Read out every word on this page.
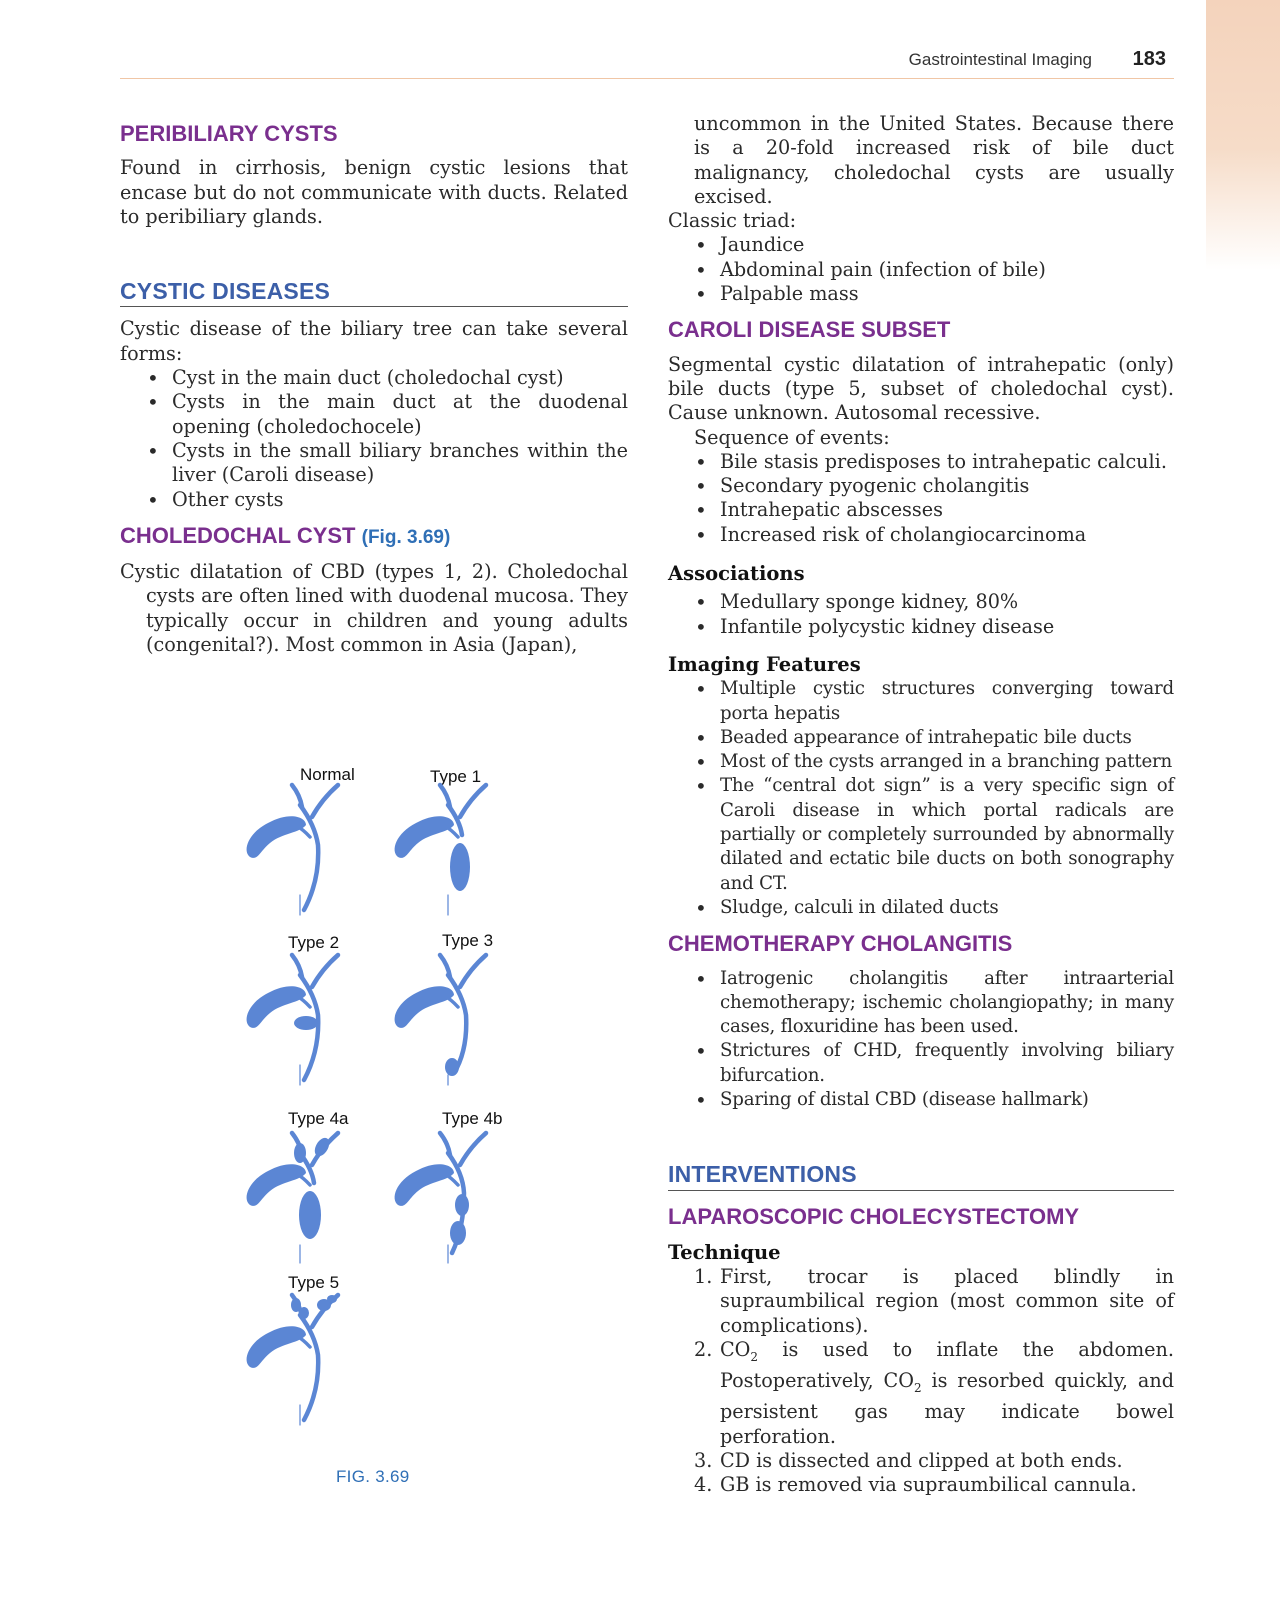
Gastrointestinal Imaging 183
PERIBILIARY CYSTS

Found in cirrhosis, benign cystic lesions that encase but do not communicate with ducts. Related to peribiliary glands.

CYSTIC DISEASES

Cystic disease of the biliary tree can take several forms:

• Cyst in the main duct (choledochal cyst)
• Cysts in the main duct at the duodenal opening (choledochocele)
• Cysts in the small biliary branches within the liver (Caroli disease)
• Other cysts
CHOLEDOCHAL CYST (Fig. 3.69)

Cystic dilatation of CBD (types 1, 2). Choledochal cysts are often lined with duodenal mucosa. They typically occur in children and young adults (congenital?). Most common in Asia (Japan),

Normal	Type 1
Type 2	Type 3
Type 4a	Type 4b
Type 5
FIG. 3.69

uncommon in the United States. Because there is a 20-fold increased risk of bile duct malignancy, choledochal cysts are usually excised.

Classic triad:

• Jaundice
• Abdominal pain (infection of bile)
• Palpable mass
CAROLI DISEASE SUBSET

Segmental cystic dilatation of intrahepatic (only) bile ducts (type 5, subset of choledochal cyst). Cause unknown. Autosomal recessive.

Sequence of events:

• Bile stasis predisposes to intrahepatic calculi.
• Secondary pyogenic cholangitis
• Intrahepatic abscesses
• Increased risk of cholangiocarcinoma
Associations
• Medullary sponge kidney, 80%
• Infantile polycystic kidney disease
Imaging Features
• Multiple cystic structures converging toward porta hepatis
• Beaded appearance of intrahepatic bile ducts
• Most of the cysts arranged in a branching pattern
• The “central dot sign” is a very specific sign of Caroli disease in which portal radicals are partially or completely surrounded by abnormally dilated and ectatic bile ducts on both sonography and CT.
• Sludge, calculi in dilated ducts
CHEMOTHERAPY CHOLANGITIS
• Iatrogenic cholangitis after intraarterial chemotherapy; ischemic cholangiopathy; in many cases, floxuridine has been used.
• Strictures of CHD, frequently involving biliary bifurcation.
• Sparing of distal CBD (disease hallmark)
INTERVENTIONS
LAPAROSCOPIC CHOLECYSTECTOMY
Technique
1. First, trocar is placed blindly in supraumbilical region (most common site of complications).
2. $CO_2$ is used to inflate the abdomen. Postoperatively, $CO_2$ is resorbed quickly, and persistent gas may indicate bowel perforation.
3. CD is dissected and clipped at both ends.
4. GB is removed via supraumbilical cannula.
